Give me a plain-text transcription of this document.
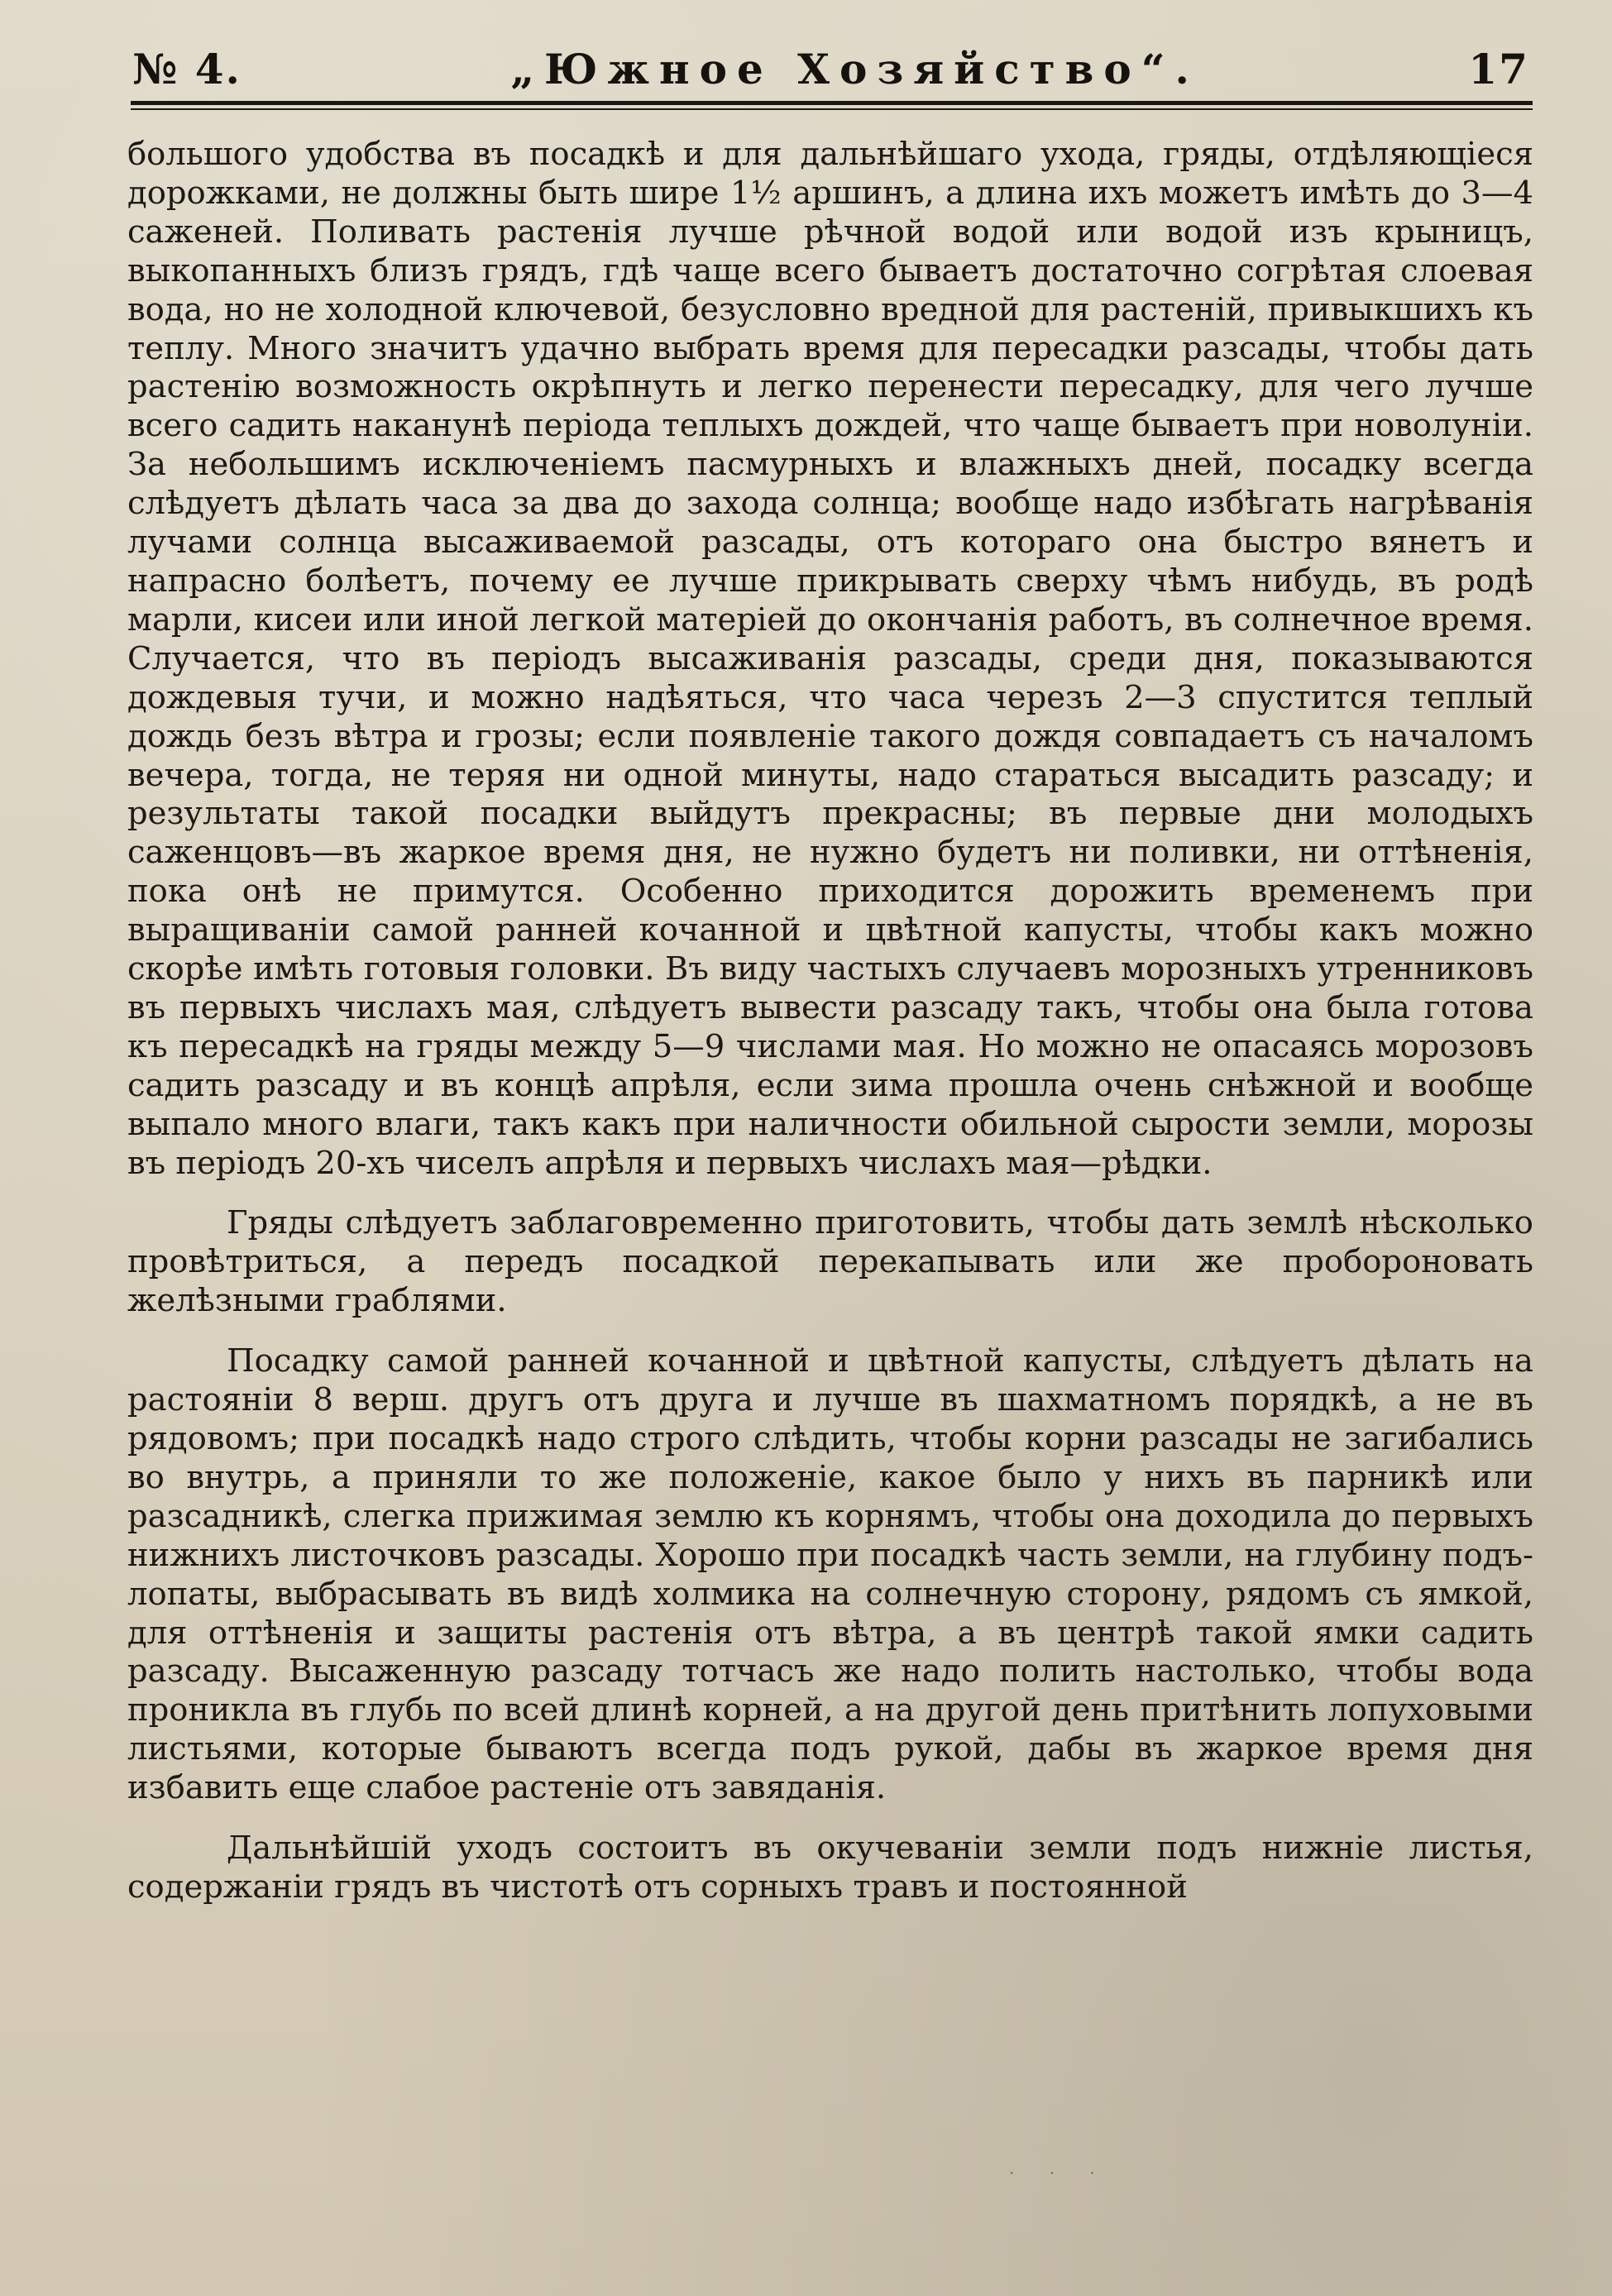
№ 4.	„Южное Хозяйство“.	17

большого удобства въ посадкѣ и для дальнѣйшаго ухода, гряды, отдѣляющіеся дорожками, не должны быть шире 1½ аршинъ, а длина ихъ можетъ имѣть до 3—4 саженей. Поливать растенія лучше рѣчной водой или водой изъ крыницъ, выкопанныхъ близъ грядъ, гдѣ чаще всего бываетъ достаточно согрѣтая слоевая вода, но не холодной ключевой, безусловно вредной для растеній, привыкшихъ къ теплу. Много значитъ удачно выбрать время для пересадки разсады, чтобы дать растенію возможность окрѣпнуть и легко перенести пересадку, для чего лучше всего садить наканунѣ періода теплыхъ дождей, что чаще бываетъ при новолуніи. За небольшимъ исключеніемъ пасмурныхъ и влажныхъ дней, посадку всегда слѣдуетъ дѣлать часа за два до захода солнца; вообще надо избѣгать нагрѣванія лучами солнца высаживаемой разсады, отъ котораго она быстро вянетъ и напрасно болѣетъ, почему ее лучше прикрывать сверху чѣмъ нибудь, въ родѣ марли, кисеи или иной легкой матеріей до окончанія работъ, въ солнечное время. Случается, что въ періодъ высаживанія разсады, среди дня, показываются дождевыя тучи, и можно надѣяться, что часа черезъ 2—3 спустится теплый дождь безъ вѣтра и грозы; если появленіе такого дождя совпадаетъ съ началомъ вечера, тогда, не теряя ни одной минуты, надо стараться высадить разсаду; и результаты такой посадки выйдутъ прекрасны; въ первые дни молодыхъ саженцовъ—въ жаркое время дня, не нужно будетъ ни поливки, ни оттѣненія, пока онѣ не примутся. Особенно приходится дорожить временемъ при выращиваніи самой ранней кочанной и цвѣтной капусты, чтобы какъ можно скорѣе имѣть готовыя головки. Въ виду частыхъ случаевъ морозныхъ утренниковъ въ первыхъ числахъ мая, слѣдуетъ вывести разсаду такъ, чтобы она была готова къ пересадкѣ на гряды между 5—9 числами мая. Но можно не опасаясь морозовъ садить разсаду и въ концѣ апрѣля, если зима прошла очень снѣжной и вообще выпало много влаги, такъ какъ при наличности обильной сырости земли, морозы въ періодъ 20-хъ чиселъ апрѣля и первыхъ числахъ мая—рѣдки.

Гряды слѣдуетъ заблаговременно приготовить, чтобы дать землѣ нѣсколько провѣтриться, а передъ посадкой перекапывать или же пробороновать желѣзными граблями.

Посадку самой ранней кочанной и цвѣтной капусты, слѣдуетъ дѣлать на растояніи 8 верш. другъ отъ друга и лучше въ шахматномъ порядкѣ, а не въ рядовомъ; при посадкѣ надо строго слѣдить, чтобы корни разсады не загибались во внутрь, а приняли то же положеніе, какое было у нихъ въ парникѣ или разсадникѣ, слегка прижимая землю къ корнямъ, чтобы она доходила до первыхъ нижнихъ листочковъ разсады. Хорошо при посадкѣ часть земли, на глубину подъ-лопаты, выбрасывать въ видѣ холмика на солнечную сторону, рядомъ съ ямкой, для оттѣненія и защиты растенія отъ вѣтра, а въ центрѣ такой ямки садить разсаду. Высаженную разсаду тотчасъ же надо полить настолько, чтобы вода проникла въ глубь по всей длинѣ корней, а на другой день притѣнить лопуховыми листьями, которые бываютъ всегда подъ рукой, дабы въ жаркое время дня избавить еще слабое растеніе отъ завяданія.

Дальнѣйшій уходъ состоитъ въ окучеваніи земли подъ нижніе листья, содержаніи грядъ въ чистотѣ отъ сорныхъ травъ и постоянной

· · ·
